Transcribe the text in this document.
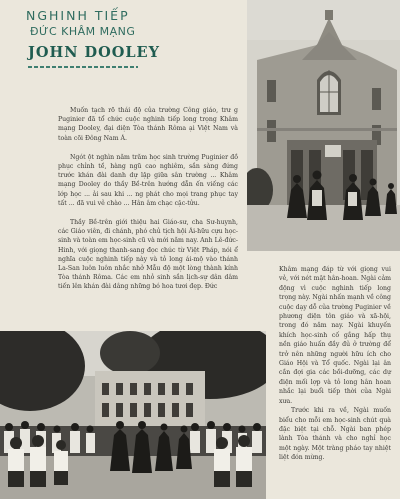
NGHINH TIẾP
ĐỨC KHÂM MẠNG
JOHN DOOLEY

Muốn tạch rõ thái độ của trường Công giáo, trư g Puginier đã tổ chức cuộc nghinh tiếp long trọng Khâm mạng Dooley, đại diện Tòa thánh Rôma ại Việt Nam và toàn cõi Đông Nam Á.

Ngót ột nghìn năm trăm học sinh trường Puginier đồ phục chỉnh tề, hàng ngũ cao nghiêm, sắn sàng đứng trước khán đài danh dự lập giữa sân trường ... Khâm mạng Dooley do thầy Bề-trên hướng dẫn ến viếng các lớp học ... ải sau khi ... ng phát cho mọi trang phục tay tất ... đã vui vẻ chào ... Hân âm chạc cặc-tửu.

Thầy Bề-trên giới thiệu hai Giáo-sư, cha Sư-huynh, các Giáo viên, đi chánh, phó chủ tịch hội Ái-hữu cựu học-sinh và toàn em học-sinh cũ và mới năm nay. Anh Lê-đức-Hinh, với giọng thanh-sang đọc chúc từ Việt Pháp, nói ể nghĩa cuộc nghinh tiếp này và tỏ long ái-mộ vào thánh La-San luôn luôn nhắc nhở Mẫu độ một lòng thành kính Tòa thánh Rôma. Các em nhỏ sinh sắn lịch-sự dân dâm tiến lên khán đài dâng những bó hoa tươi đẹp. Đức

Khâm mạng đáp từ với giọng vui vẻ, với nét mặt hân-hoan. Ngài cảm động vì cuộc nghinh tiếp long trọng này. Ngài nhấn mạnh về công cuộc dạy dỗ của trường Puginier về phương diện tôn giáo và xã-hội, trong đó năm nay. Ngài khuyến khích học-sinh cố gắng hấp thụ nền giáo huấn đầy đủ ở trường để trở nên những người hữu ích cho Giáo Hội và Tổ quốc. Ngài lại ân cần đợi gia các bồi-dưỡng, các dự điện mối lợp và tỏ long hân hoan nhắc lại buổi tiếp thời của Ngài xưa.

Trước khi ra về, Ngài muốn biểu cho mỗi em học-sinh chút quà đặc biệt tại chỗ. Ngài ban phép lành Tòa thánh và cho nghỉ học một ngày. Một tràng pháo tay nhiệt liệt đón mừng.
